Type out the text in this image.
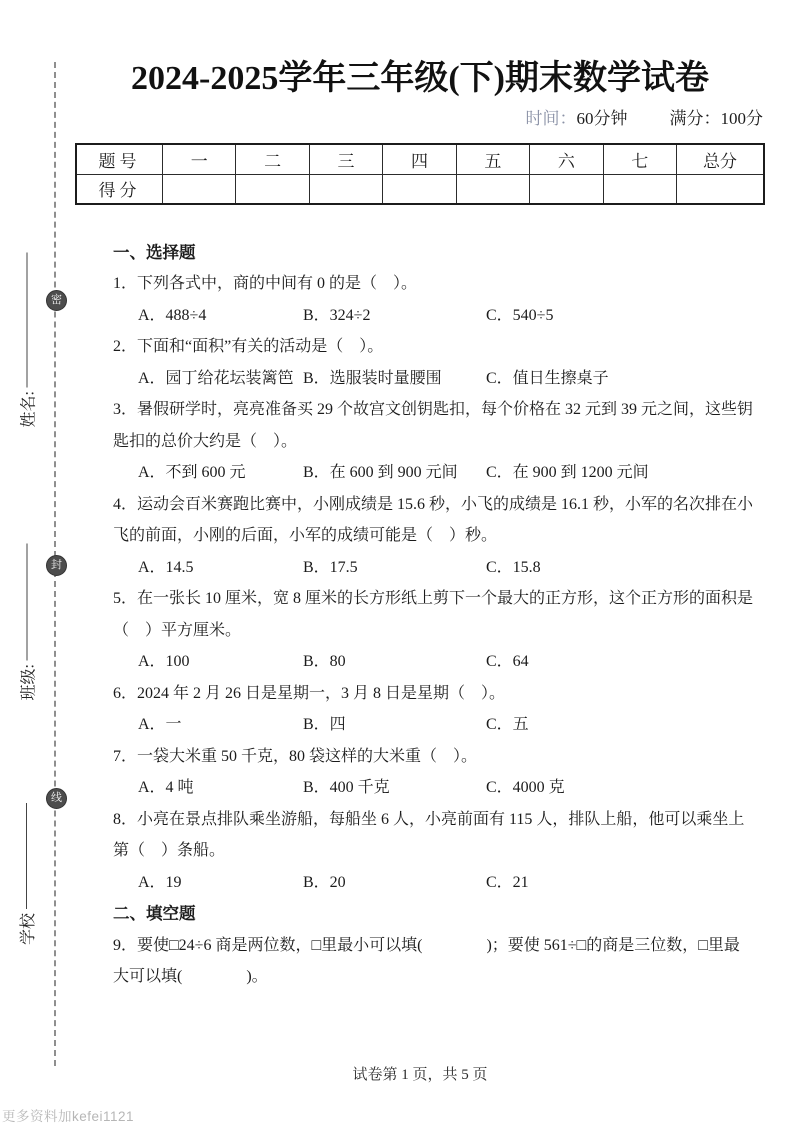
密
封
线
姓名:
班级:
学校
更多资料加kefei1121
2024-2025学年三年级(下)期末数学试卷
时间：60分钟 满分：100分
题号	一	二	三	四	五	六	七	总分
得分								

一、选择题

1．下列各式中，商的中间有 0 的是（　）。

A．488÷4	B．324÷2	C．540÷5

2．下面和“面积”有关的活动是（　）。

A．园丁给花坛装篱笆 B．选服装时量腰围	C．值日生擦桌子

3．暑假研学时，亮亮准备买 29 个故宫文创钥匙扣，每个价格在 32 元到 39 元之间，这些钥

匙扣的总价大约是（　）。

A．不到 600 元	B．在 600 到 900 元间	C．在 900 到 1200 元间

4．运动会百米赛跑比赛中，小刚成绩是 15.6 秒，小飞的成绩是 16.1 秒，小军的名次排在小

飞的前面，小刚的后面，小军的成绩可能是（　）秒。

A．14.5	B．17.5	C．15.8

5．在一张长 10 厘米，宽 8 厘米的长方形纸上剪下一个最大的正方形，这个正方形的面积是

（　）平方厘米。

A．100	B．80	C．64

6．2024 年 2 月 26 日是星期一，3 月 8 日是星期（　）。

A．一	B．四	C．五

7．一袋大米重 50 千克，80 袋这样的大米重（　）。

A．4 吨	B．400 千克	C．4000 克

8．小亮在景点排队乘坐游船，每船坐 6 人，小亮前面有 115 人，排队上船，他可以乘坐上

第（　）条船。

A．19	B．20	C．21

二、填空题

9．要使□24÷6 商是两位数，□里最小可以填(　　　　)；要使 561÷□的商是三位数，□里最

大可以填(　　　　)。

试卷第 1 页，共 5 页
